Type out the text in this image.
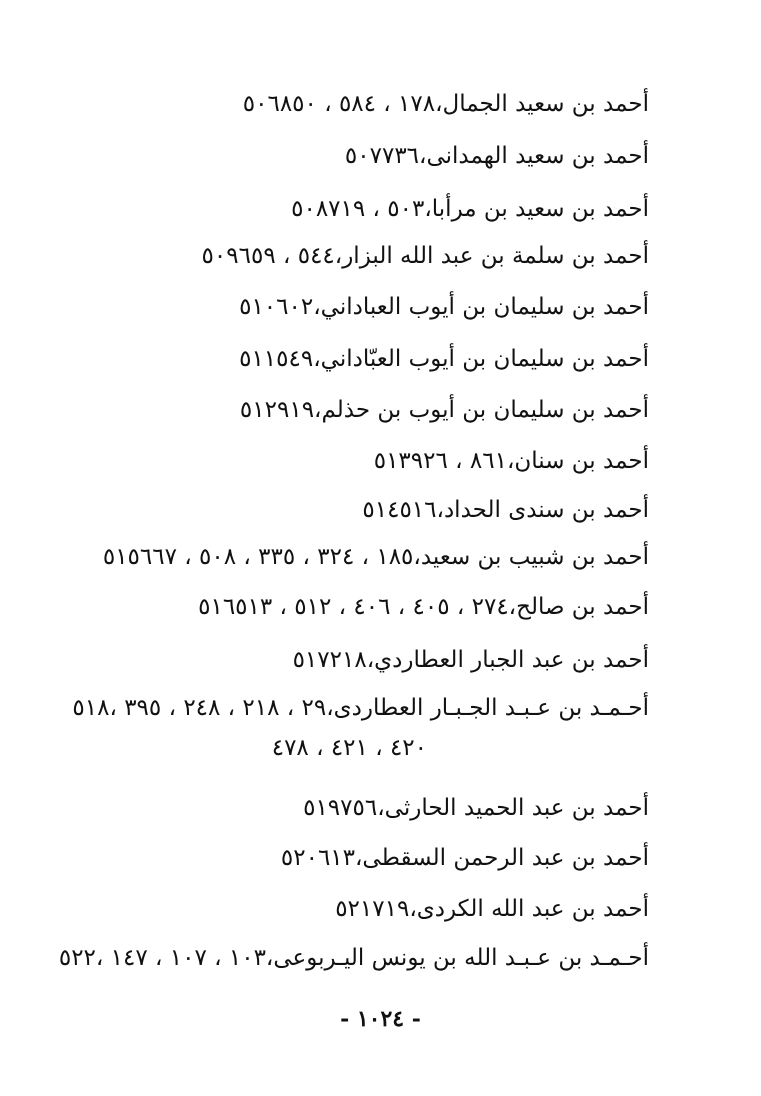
٥٠٦ أحمد بن سعيد الجمال،١٧٨ ، ٥٨٤ ، ٨٥٠
٥٠٧ أحمد بن سعيد الهمدانى،٧٣٦
٥٠٨ أحمد بن سعيد بن مرأبا،٥٠٣ ، ٧١٩
٥٠٩ أحمد بن سلمة بن عبد الله البزار،٥٤٤ ، ٦٥٩
٥١٠ أحمد بن سليمان بن أيوب العباداني،٦٠٢
٥١١ أحمد بن سليمان بن أيوب العبّاداني،٥٤٩
٥١٢ أحمد بن سليمان بن أيوب بن حذلم،٩١٩
٥١٣ أحمد بن سنان،٨٦١ ، ٩٢٦
٥١٤ أحمد بن سندى الحداد،٥١٦
٥١٥ أحمد بن شبيب بن سعيد،١٨٥ ، ٣٢٤ ، ٣٣٥ ، ٥٠٨ ، ٦٦٧
٥١٦ أحمد بن صالح،٢٧٤ ، ٤٠٥ ، ٤٠٦ ، ٥١٢ ، ٥١٣
٥١٧ أحمد بن عبد الجبار العطاردي،٢١٨
٥١٨ أحـمـد بن عـبـد الجـبـار العطاردى،٢٩ ، ٢١٨ ، ٢٤٨ ، ٣٩٥ ،
٤٢٠ ، ٤٢١ ، ٤٧٨
٥١٩ أحمد بن عبد الحميد الحارثى،٧٥٦
٥٢٠ أحمد بن عبد الرحمن السقطى،٦١٣
٥٢١ أحمد بن عبد الله الكردى،٧١٩
٥٢٢ أحـمـد بن عـبـد الله بن يونس اليـربوعى،١٠٣ ، ١٠٧ ، ١٤٧ ،
- ١٠٢٤ -
